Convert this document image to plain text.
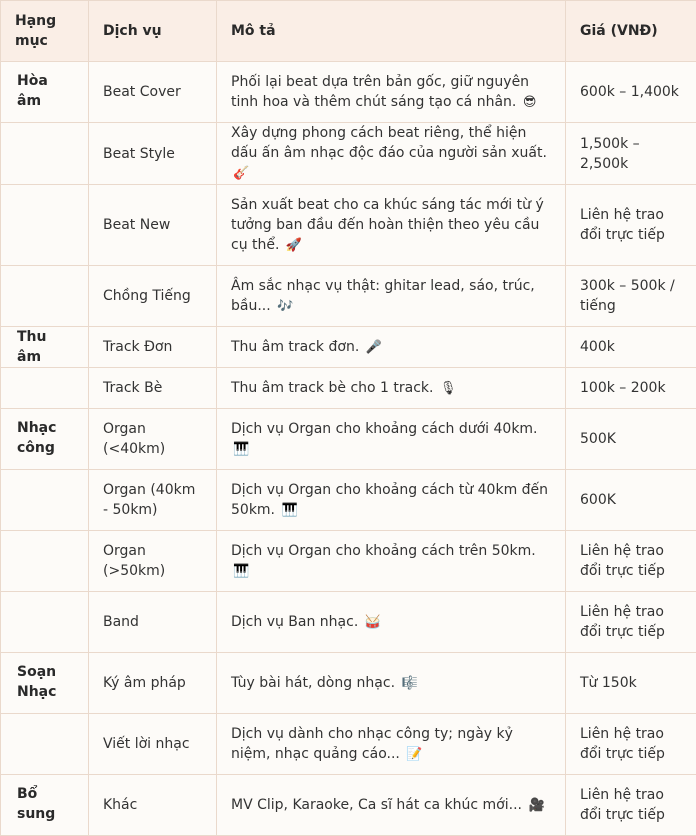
Hạng mục	Dịch vụ	Mô tả	Giá (VNĐ)
Hòa âm	Beat Cover	Phối lại beat dựa trên bản gốc, giữ nguyên tinh hoa và thêm chút sáng tạo cá nhân. 😎	600k – 1,400k
	Beat Style	Xây dựng phong cách beat riêng, thể hiện dấu ấn âm nhạc độc đáo của người sản xuất. 🎸	1,500k – 2,500k
	Beat New	Sản xuất beat cho ca khúc sáng tác mới từ ý tưởng ban đầu đến hoàn thiện theo yêu cầu cụ thể. 🚀	Liên hệ trao đổi trực tiếp
	Chồng Tiếng	Âm sắc nhạc vụ thật: ghitar lead, sáo, trúc, bầu... 🎶	300k – 500k / tiếng
Thu âm	Track Đơn	Thu âm track đơn. 🎤	400k
	Track Bè	Thu âm track bè cho 1 track. 🎙	100k – 200k
Nhạc công	Organ (<40km)	Dịch vụ Organ cho khoảng cách dưới 40km. 🎹	500K
	Organ (40km - 50km)	Dịch vụ Organ cho khoảng cách từ 40km đến 50km. 🎹	600K
	Organ (>50km)	Dịch vụ Organ cho khoảng cách trên 50km. 🎹	Liên hệ trao đổi trực tiếp
	Band	Dịch vụ Ban nhạc. 🥁	Liên hệ trao đổi trực tiếp
Soạn Nhạc	Ký âm pháp	Tùy bài hát, dòng nhạc. 🎼	Từ 150k
	Viết lời nhạc	Dịch vụ dành cho nhạc công ty; ngày kỷ niệm, nhạc quảng cáo... 📝	Liên hệ trao đổi trực tiếp
Bổ sung	Khác	MV Clip, Karaoke, Ca sĩ hát ca khúc mới... 🎥	Liên hệ trao đổi trực tiếp
